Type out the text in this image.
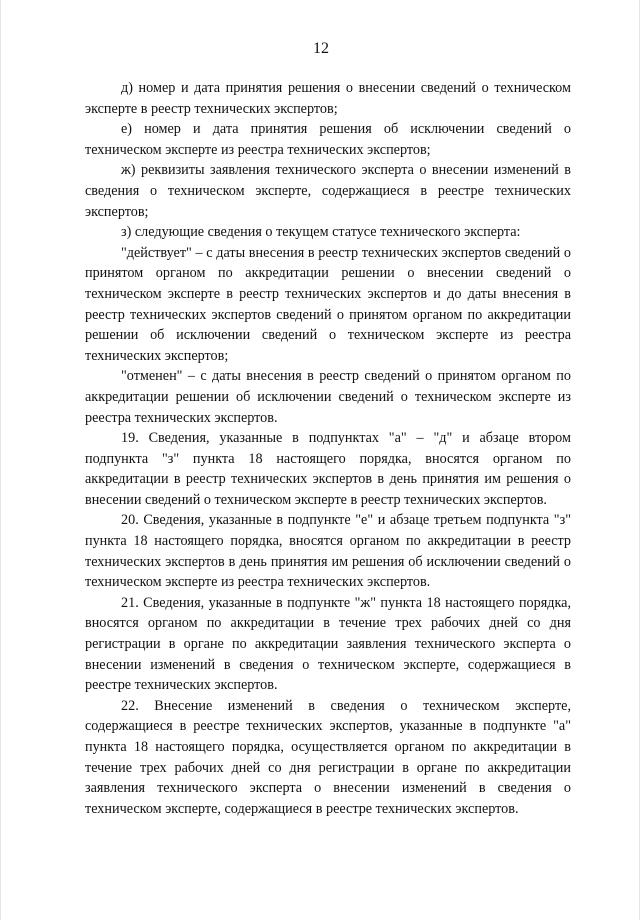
12

д) номер и дата принятия решения о внесении сведений о техническом эксперте в реестр технических экспертов;

е) номер и дата принятия решения об исключении сведений о техническом эксперте из реестра технических экспертов;

ж) реквизиты заявления технического эксперта о внесении изменений в сведения о техническом эксперте, содержащиеся в реестре технических экспертов;

з) следующие сведения о текущем статусе технического эксперта:

"действует" – с даты внесения в реестр технических экспертов сведений о принятом органом по аккредитации решении о внесении сведений о техническом эксперте в реестр технических экспертов и до даты внесения в реестр технических экспертов сведений о принятом органом по аккредитации решении об исключении сведений о техническом эксперте из реестра технических экспертов;

"отменен" – с даты внесения в реестр сведений о принятом органом по аккредитации решении об исключении сведений о техническом эксперте из реестра технических экспертов.

19. Сведения, указанные в подпунктах "а" – "д" и абзаце втором подпункта "з" пункта 18 настоящего порядка, вносятся органом по аккредитации в реестр технических экспертов в день принятия им решения о внесении сведений о техническом эксперте в реестр технических экспертов.

20. Сведения, указанные в подпункте "е" и абзаце третьем подпункта "з" пункта 18 настоящего порядка, вносятся органом по аккредитации в реестр технических экспертов в день принятия им решения об исключении сведений о техническом эксперте из реестра технических экспертов.

21. Сведения, указанные в подпункте "ж" пункта 18 настоящего порядка, вносятся органом по аккредитации в течение трех рабочих дней со дня регистрации в органе по аккредитации заявления технического эксперта о внесении изменений в сведения о техническом эксперте, содержащиеся в реестре технических экспертов.

22. Внесение изменений в сведения о техническом эксперте, содержащиеся в реестре технических экспертов, указанные в подпункте "а" пункта 18 настоящего порядка, осуществляется органом по аккредитации в течение трех рабочих дней со дня регистрации в органе по аккредитации заявления технического эксперта о внесении изменений в сведения о техническом эксперте, содержащиеся в реестре технических экспертов.
